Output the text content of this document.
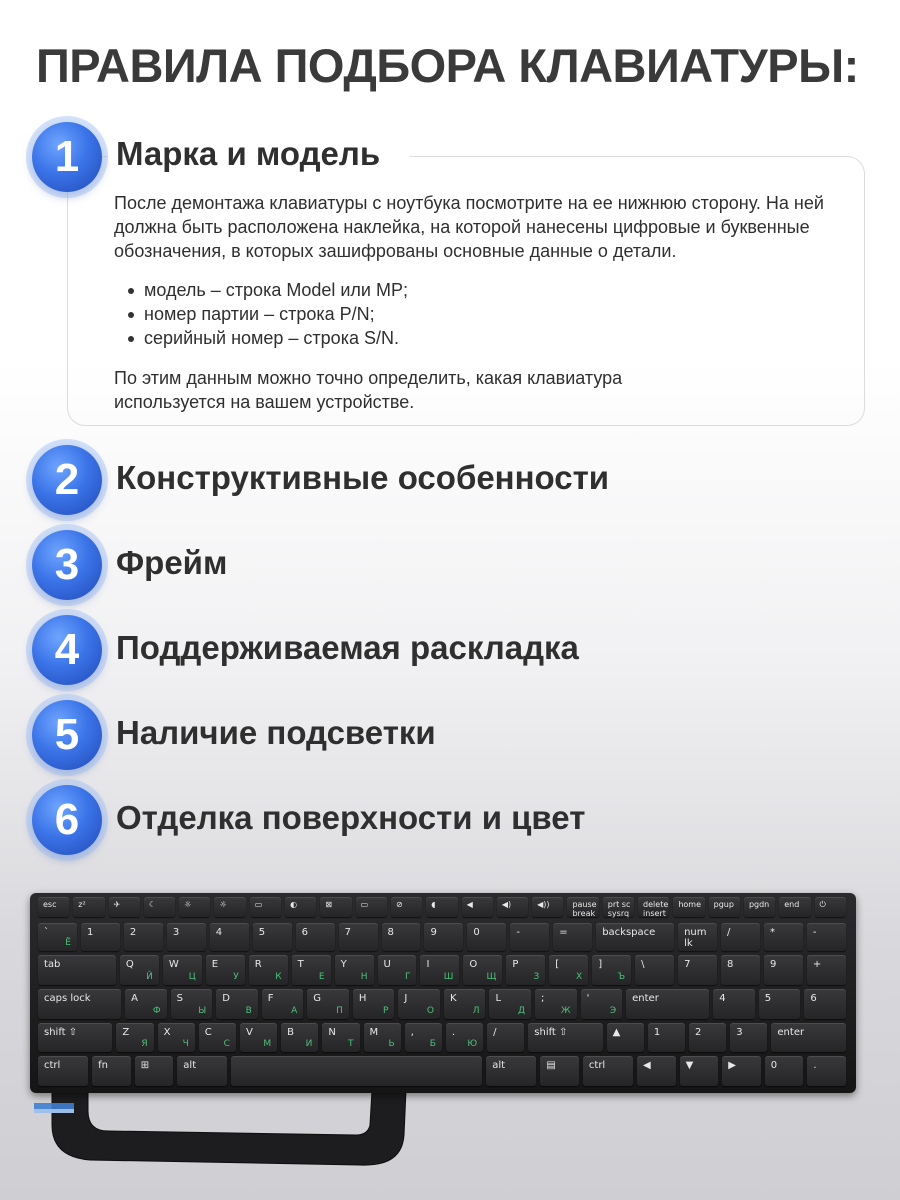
ПРАВИЛА ПОДБОРА КЛАВИАТУРЫ:
1	Марка и модель
После демонтажа клавиатуры с ноутбука посмотрите на ее нижнюю сторону. На ней должна быть расположена наклейка, на которой нанесены цифровые и буквенные обозначения, в которых зашифрованы основные данные о детали.
модель – строка Model или MP;
номер партии – строка P/N;
серийный номер – строка S/N.
По этим данным можно точно определить, какая клавиатура используется на вашем устройстве.
2	Конструктивные особенности
3	Фрейм
4	Поддерживаемая раскладка
5	Наличие подсветки
6	Отделка поверхности и цвет
esc	z²	✈	☾	☼	☼	▭	◐	⊠	▭	⊘	◖	◀	◀)	◀))	pause break
prt sc sysrq
delete insert
home pgup pgdn end	⏻
`
Ё
1	2	3	4	5	6	7	8	9	0	-	=	backspace	num lk
/	*	-
tab	Q
Й
W
Ц
E
У
R
К
T
Е
Y
Н
U
Г
I
Ш
O
Щ
P
З
[
Х
]
Ъ
\	7	8	9	+
caps lock	A
Ф
S
Ы
D
В
F
А
G
П
H
Р
J
О
K
Л
L
Д
;
Ж
'
Э
enter	4	5	6
shift ⇧	Z
Я
X
Ч
C
С
V
М
B
И
N
Т
M
Ь
,
Б
.
Ю
/	shift ⇧	▲	1	2	3	enter
ctrl	fn	⊞	alt	alt	▤	ctrl	◀	▼	▶	0	.
